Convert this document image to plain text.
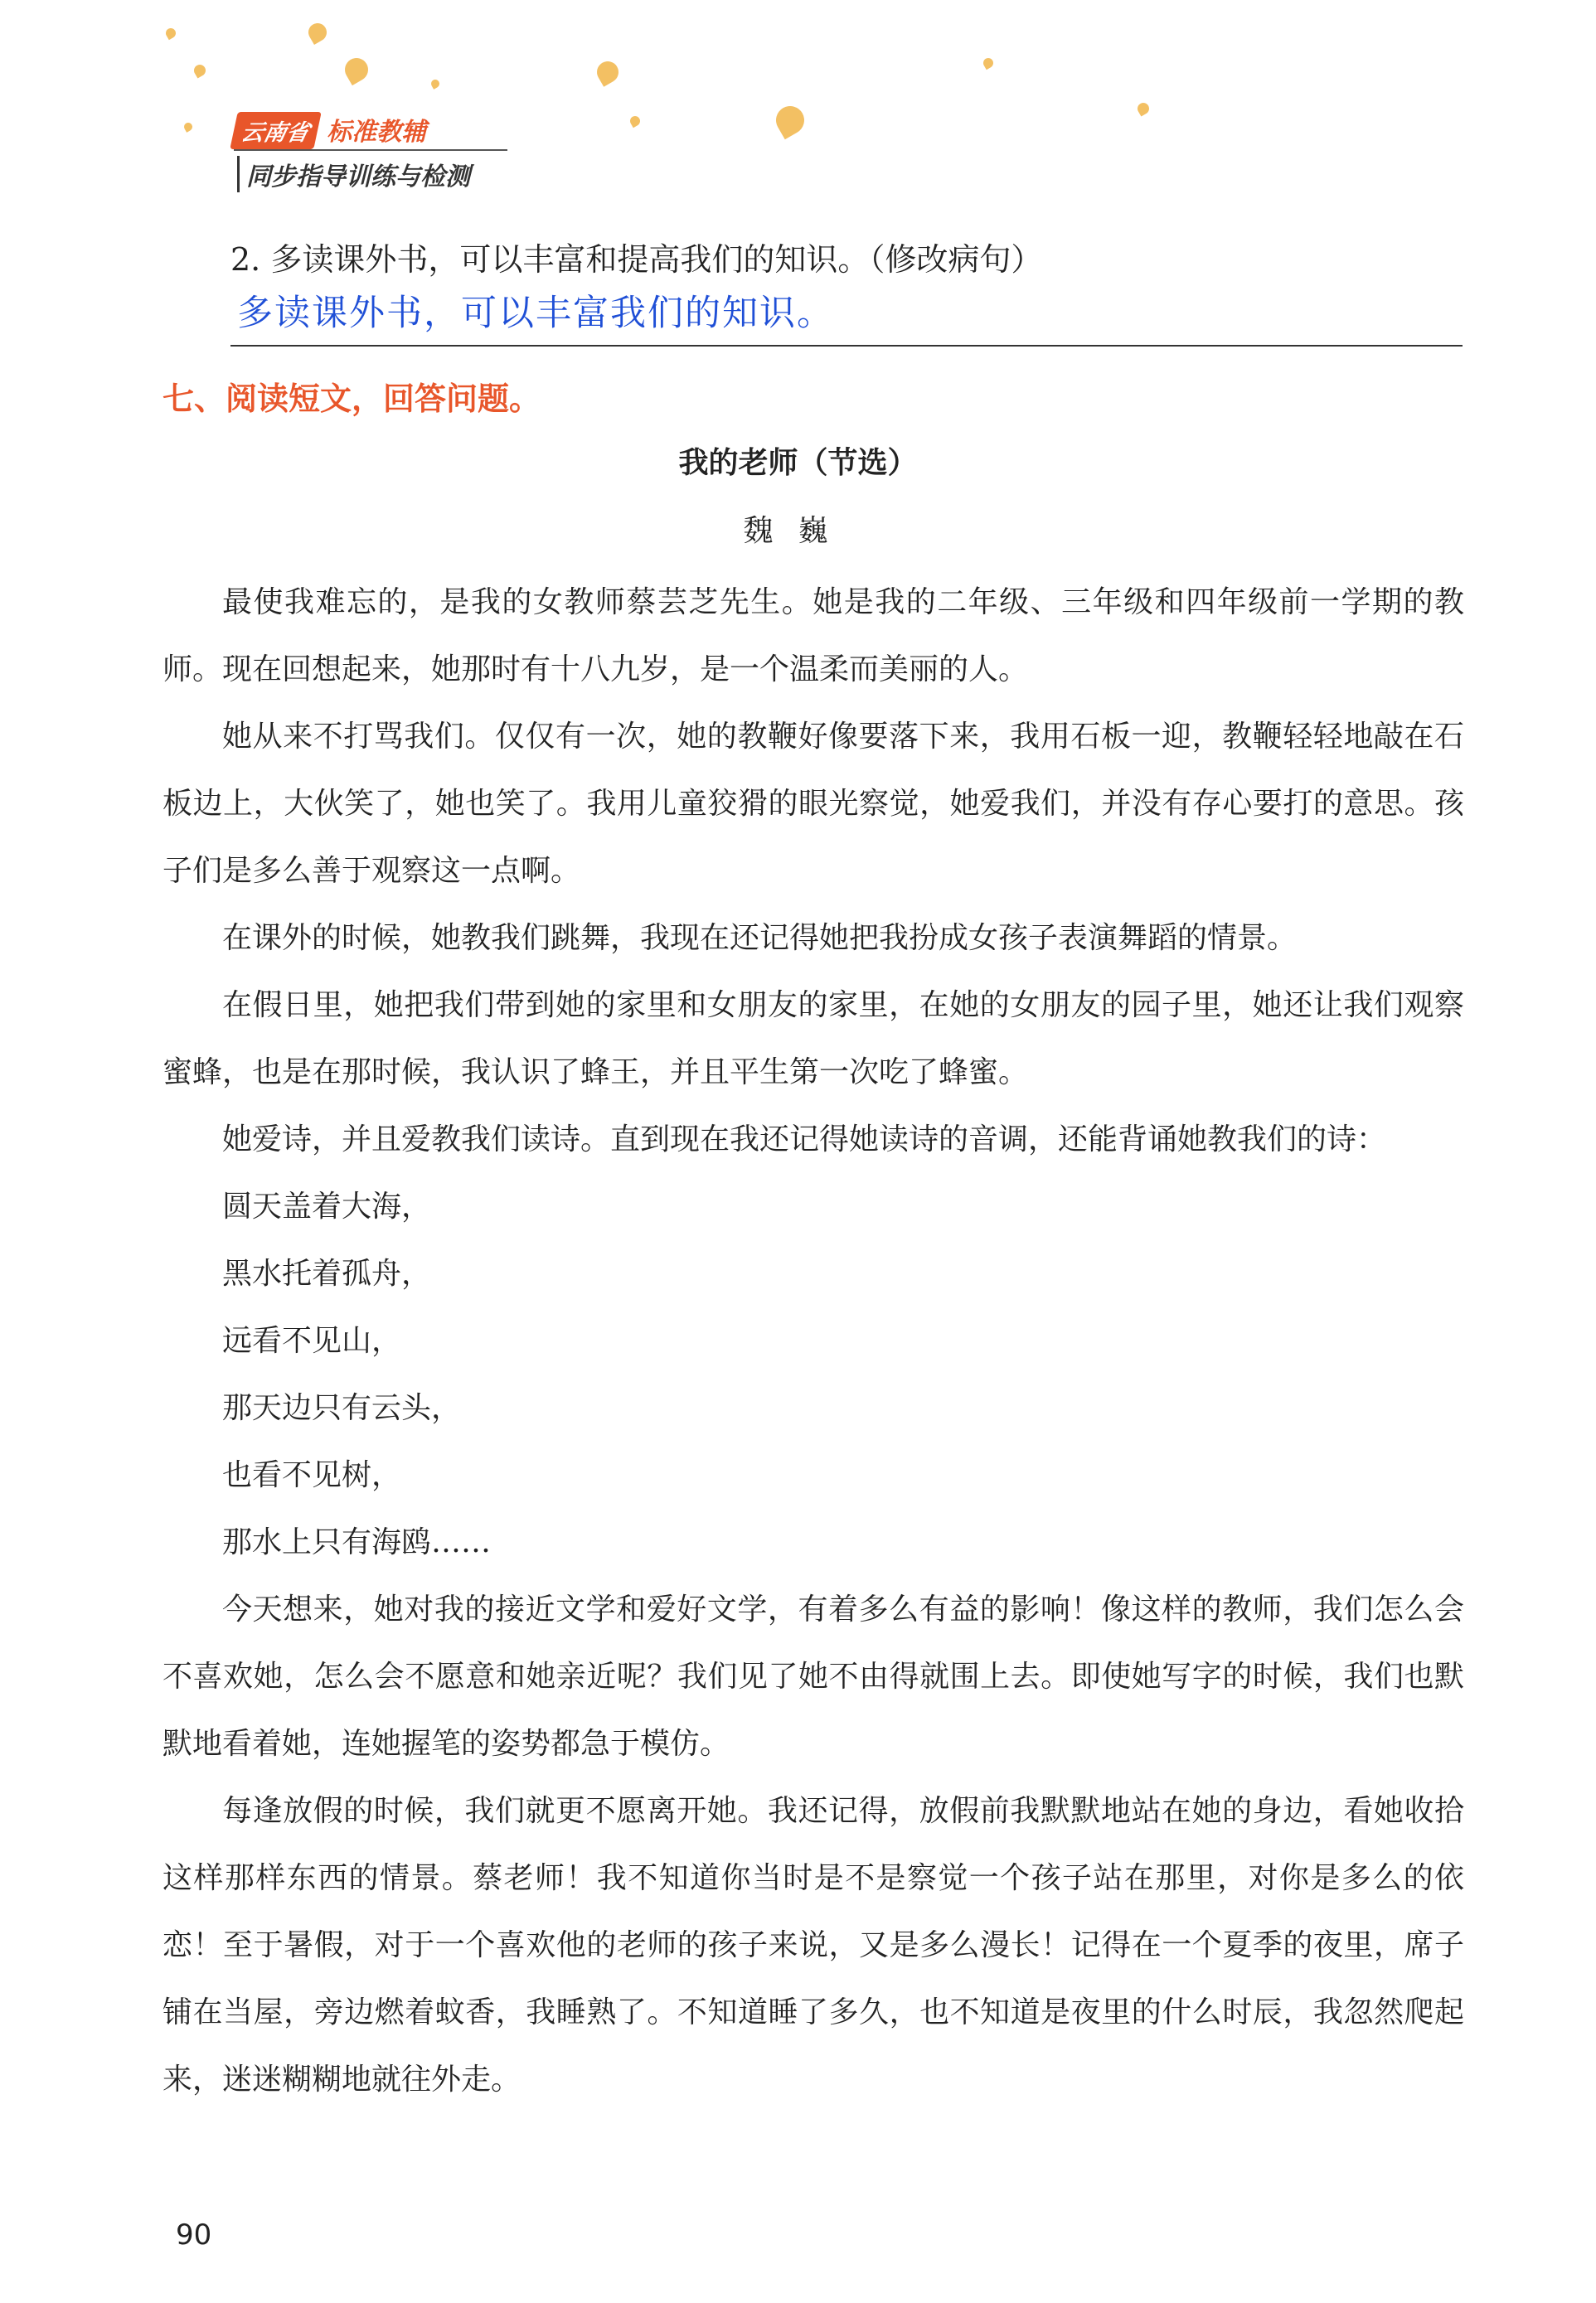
云南省 标准教辅
同步指导训练与检测
2. 多读课外书，可以丰富和提高我们的知识。（修改病句）
多读课外书，可以丰富我们的知识。
七、阅读短文，回答问题。
我的老师（节选）
魏巍

最使我难忘的，是我的女教师蔡芸芝先生。她是我的二年级、三年级和四年级前一学期的教师。现在回想起来，她那时有十八九岁，是一个温柔而美丽的人。

她从来不打骂我们。仅仅有一次，她的教鞭好像要落下来，我用石板一迎，教鞭轻轻地敲在石板边上，大伙笑了，她也笑了。我用儿童狡猾的眼光察觉，她爱我们，并没有存心要打的意思。孩子们是多么善于观察这一点啊。

在课外的时候，她教我们跳舞，我现在还记得她把我扮成女孩子表演舞蹈的情景。

在假日里，她把我们带到她的家里和女朋友的家里，在她的女朋友的园子里，她还让我们观察蜜蜂，也是在那时候，我认识了蜂王，并且平生第一次吃了蜂蜜。

她爱诗，并且爱教我们读诗。直到现在我还记得她读诗的音调，还能背诵她教我们的诗：

圆天盖着大海，

黑水托着孤舟，

远看不见山，

那天边只有云头，

也看不见树，

那水上只有海鸥……

今天想来，她对我的接近文学和爱好文学，有着多么有益的影响！像这样的教师，我们怎么会不喜欢她，怎么会不愿意和她亲近呢？我们见了她不由得就围上去。即使她写字的时候，我们也默默地看着她，连她握笔的姿势都急于模仿。

每逢放假的时候，我们就更不愿离开她。我还记得，放假前我默默地站在她的身边，看她收拾这样那样东西的情景。蔡老师！我不知道你当时是不是察觉一个孩子站在那里，对你是多么的依恋！至于暑假，对于一个喜欢他的老师的孩子来说，又是多么漫长！记得在一个夏季的夜里，席子铺在当屋，旁边燃着蚊香，我睡熟了。不知道睡了多久，也不知道是夜里的什么时辰，我忽然爬起来，迷迷糊糊地就往外走。

90
